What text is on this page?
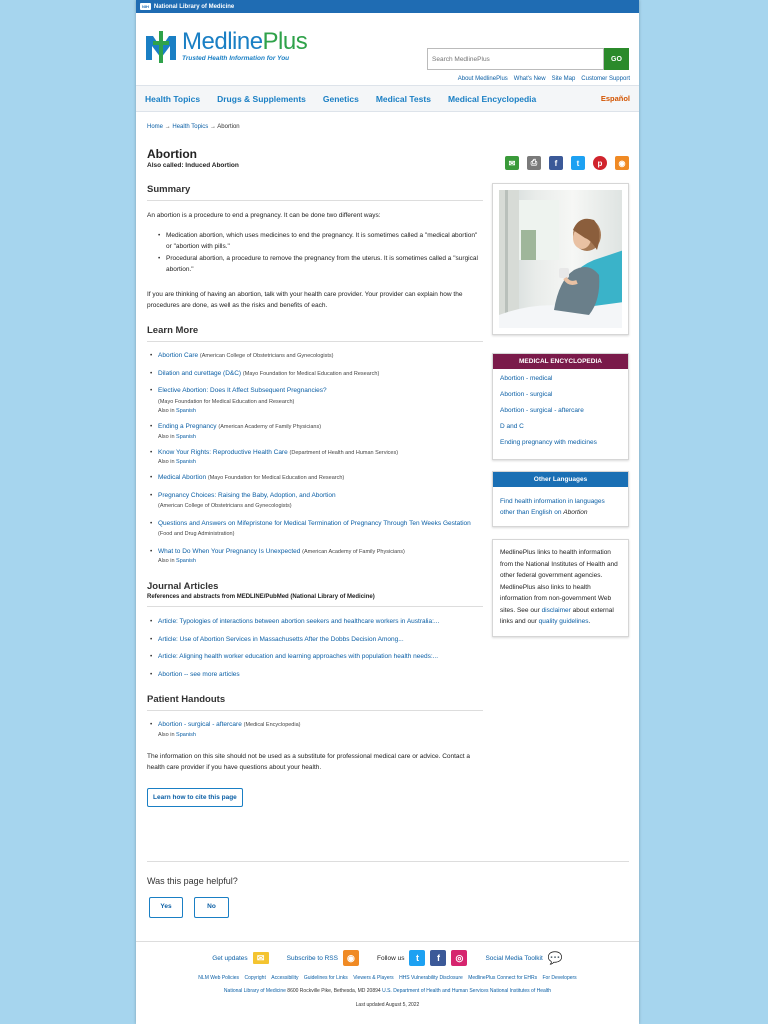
NIH National Library of Medicine
MedlinePlus
Trusted Health Information for You
Search MedlinePlus	GO
About MedlinePlus What's New Site Map Customer Support
Health Topics Drugs & Supplements Genetics Medical Tests Medical Encyclopedia	Español
Home → Health Topics → Abortion
Abortion
Also called: Induced Abortion
Summary

An abortion is a procedure to end a pregnancy. It can be done two different ways:

• Medication abortion, which uses medicines to end the pregnancy. It is sometimes called a "medical abortion" or "abortion with pills."
• Procedural abortion, a procedure to remove the pregnancy from the uterus. It is sometimes called a "surgical abortion."

If you are thinking of having an abortion, talk with your health care provider. Your provider can explain how the procedures are done, as well as the risks and benefits of each.

Learn More
• Abortion Care (American College of Obstetricians and Gynecologists)
• Dilation and curettage (D&C) (Mayo Foundation for Medical Education and Research)
• Elective Abortion: Does It Affect Subsequent Pregnancies?
(Mayo Foundation for Medical Education and Research)
Also in Spanish
• Ending a Pregnancy (American Academy of Family Physicians)
Also in Spanish
• Know Your Rights: Reproductive Health Care (Department of Health and Human Services)
Also in Spanish
• Medical Abortion (Mayo Foundation for Medical Education and Research)
• Pregnancy Choices: Raising the Baby, Adoption, and Abortion
(American College of Obstetricians and Gynecologists)
• Questions and Answers on Mifepristone for Medical Termination of Pregnancy Through Ten Weeks Gestation (Food and Drug Administration)
• What to Do When Your Pregnancy Is Unexpected (American Academy of Family Physicians)
Also in Spanish
Journal Articles
References and abstracts from MEDLINE/PubMed (National Library of Medicine)
• Article: Typologies of interactions between abortion seekers and healthcare workers in Australia:...
• Article: Use of Abortion Services in Massachusetts After the Dobbs Decision Among...
• Article: Aligning health worker education and learning approaches with population health needs:...
• Abortion -- see more articles
Patient Handouts
• Abortion - surgical - aftercare (Medical Encyclopedia)
Also in Spanish

The information on this site should not be used as a substitute for professional medical care or advice. Contact a health care provider if you have questions about your health.

Learn how to cite this page
✉	⎙	f	t	p	◉
MEDICAL ENCYCLOPEDIA
Abortion - medical
Abortion - surgical
Abortion - surgical - aftercare
D and C
Ending pregnancy with medicines
Other Languages
Find health information in languages other than English on Abortion
MedlinePlus links to health information from the National Institutes of Health and other federal government agencies. MedlinePlus also links to health information from non-government Web sites. See our disclaimer about external links and our quality guidelines.
Was this page helpful?
Yes	No
Get updates	✉	Subscribe to RSS	◉	Follow us	t	f	◎	Social Media Toolkit 💬
NLM Web Policies Copyright Accessibility Guidelines for Links Viewers & Players HHS Vulnerability Disclosure MedlinePlus Connect for EHRs For Developers
National Library of Medicine 8600 Rockville Pike, Bethesda, MD 20894 U.S. Department of Health and Human Services National Institutes of Health
Last updated August 5, 2022
